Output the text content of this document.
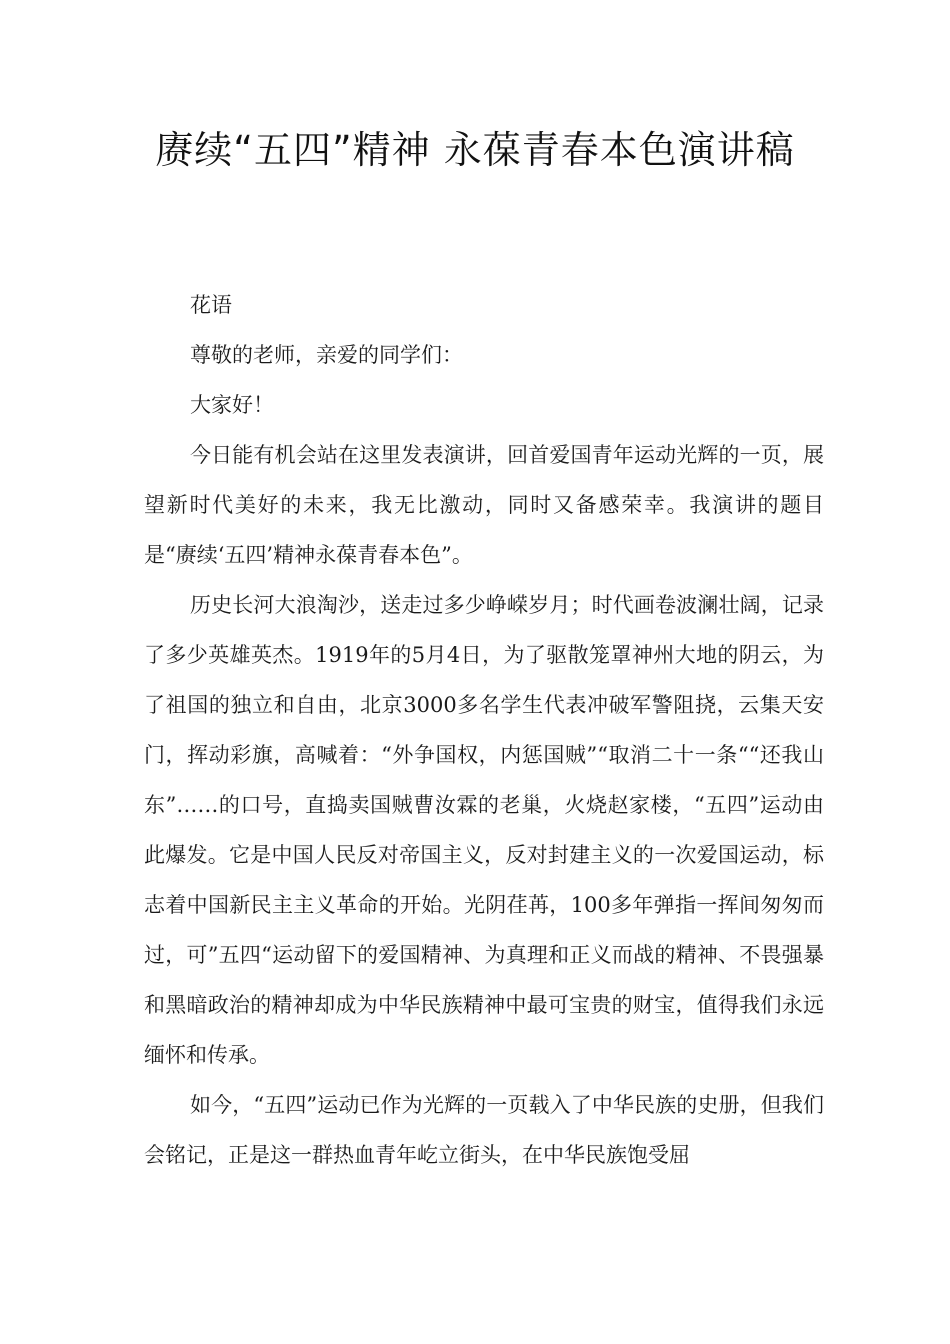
赓续“五四”精神 永葆青春本色演讲稿

花语

尊敬的老师，亲爱的同学们：

大家好！

今日能有机会站在这里发表演讲，回首爱国青年运动光辉的一页，展望新时代美好的未来，我无比激动，同时又备感荣幸。我演讲的题目是“赓续‘五四’精神永葆青春本色”。

历史长河大浪淘沙，送走过多少峥嵘岁月；时代画卷波澜壮阔，记录了多少英雄英杰。1919年的5月4日，为了驱散笼罩神州大地的阴云，为了祖国的独立和自由，北京3000多名学生代表冲破军警阻挠，云集天安门，挥动彩旗，高喊着：“外争国权，内惩国贼”“取消二十一条““还我山东”……的口号，直捣卖国贼曹汝霖的老巢，火烧赵家楼，“五四”运动由此爆发。它是中国人民反对帝国主义，反对封建主义的一次爱国运动，标志着中国新民主主义革命的开始。光阴荏苒，100多年弹指一挥间匆匆而过，可”五四“运动留下的爱国精神、为真理和正义而战的精神、不畏强暴和黑暗政治的精神却成为中华民族精神中最可宝贵的财宝，值得我们永远缅怀和传承。

如今，“五四”运动已作为光辉的一页载入了中华民族的史册，但我们会铭记，正是这一群热血青年屹立街头，在中华民族饱受屈
